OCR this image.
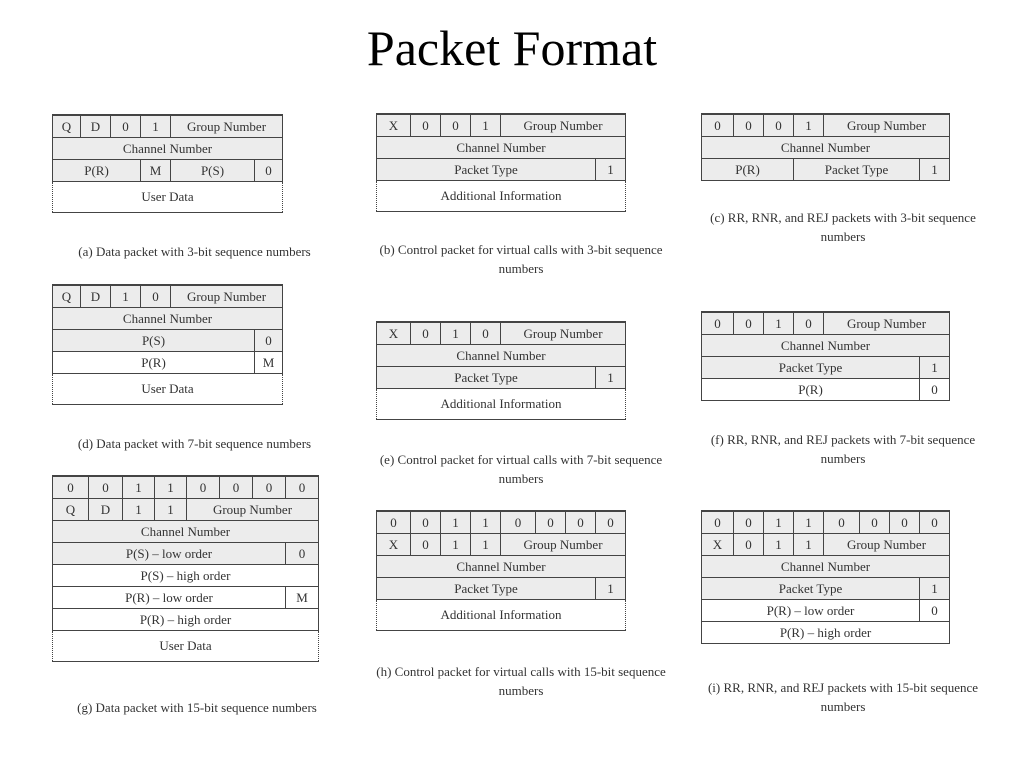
Packet Format
Q	D	0	1	Group Number	
Channel Number					
P(R)			M	P(S)	0
User Data					
(a) Data packet with 3-bit sequence numbers
X	0	0	1	Group Number	
Channel Number					
Packet Type					1
Additional Information					
(b) Control packet for virtual calls with 3-bit sequence numbers
0	0	0	1	Group Number	
Channel Number					
P(R)			Packet Type		1
(c) RR, RNR, and REJ packets with 3-bit sequence numbers
Q	D	1	0	Group Number	
Channel Number					
P(S)					0
P(R)					M
User Data					
(d) Data packet with 7-bit sequence numbers
X	0	1	0	Group Number	
Channel Number					
Packet Type					1
Additional Information					
(e) Control packet for virtual calls with 7-bit sequence numbers
0	0	1	0	Group Number	
Channel Number					
Packet Type					1
P(R)					0
(f) RR, RNR, and REJ packets with 7-bit sequence numbers
0	0	1	1	0	0	0	0
Q	D	1	1	Group Number			
Channel Number							
P(S) – low order							0
P(S) – high order							
P(R) – low order							M
P(R) – high order							
User Data							
(g) Data packet with 15-bit sequence numbers
0	0	1	1	0	0	0	0
X	0	1	1	Group Number			
Channel Number							
Packet Type							1
Additional Information							
(h) Control packet for virtual calls with 15-bit sequence numbers
0	0	1	1	0	0	0	0
X	0	1	1	Group Number			
Channel Number							
Packet Type							1
P(R) – low order							0
P(R) – high order							
(i) RR, RNR, and REJ packets with 15-bit sequence numbers
